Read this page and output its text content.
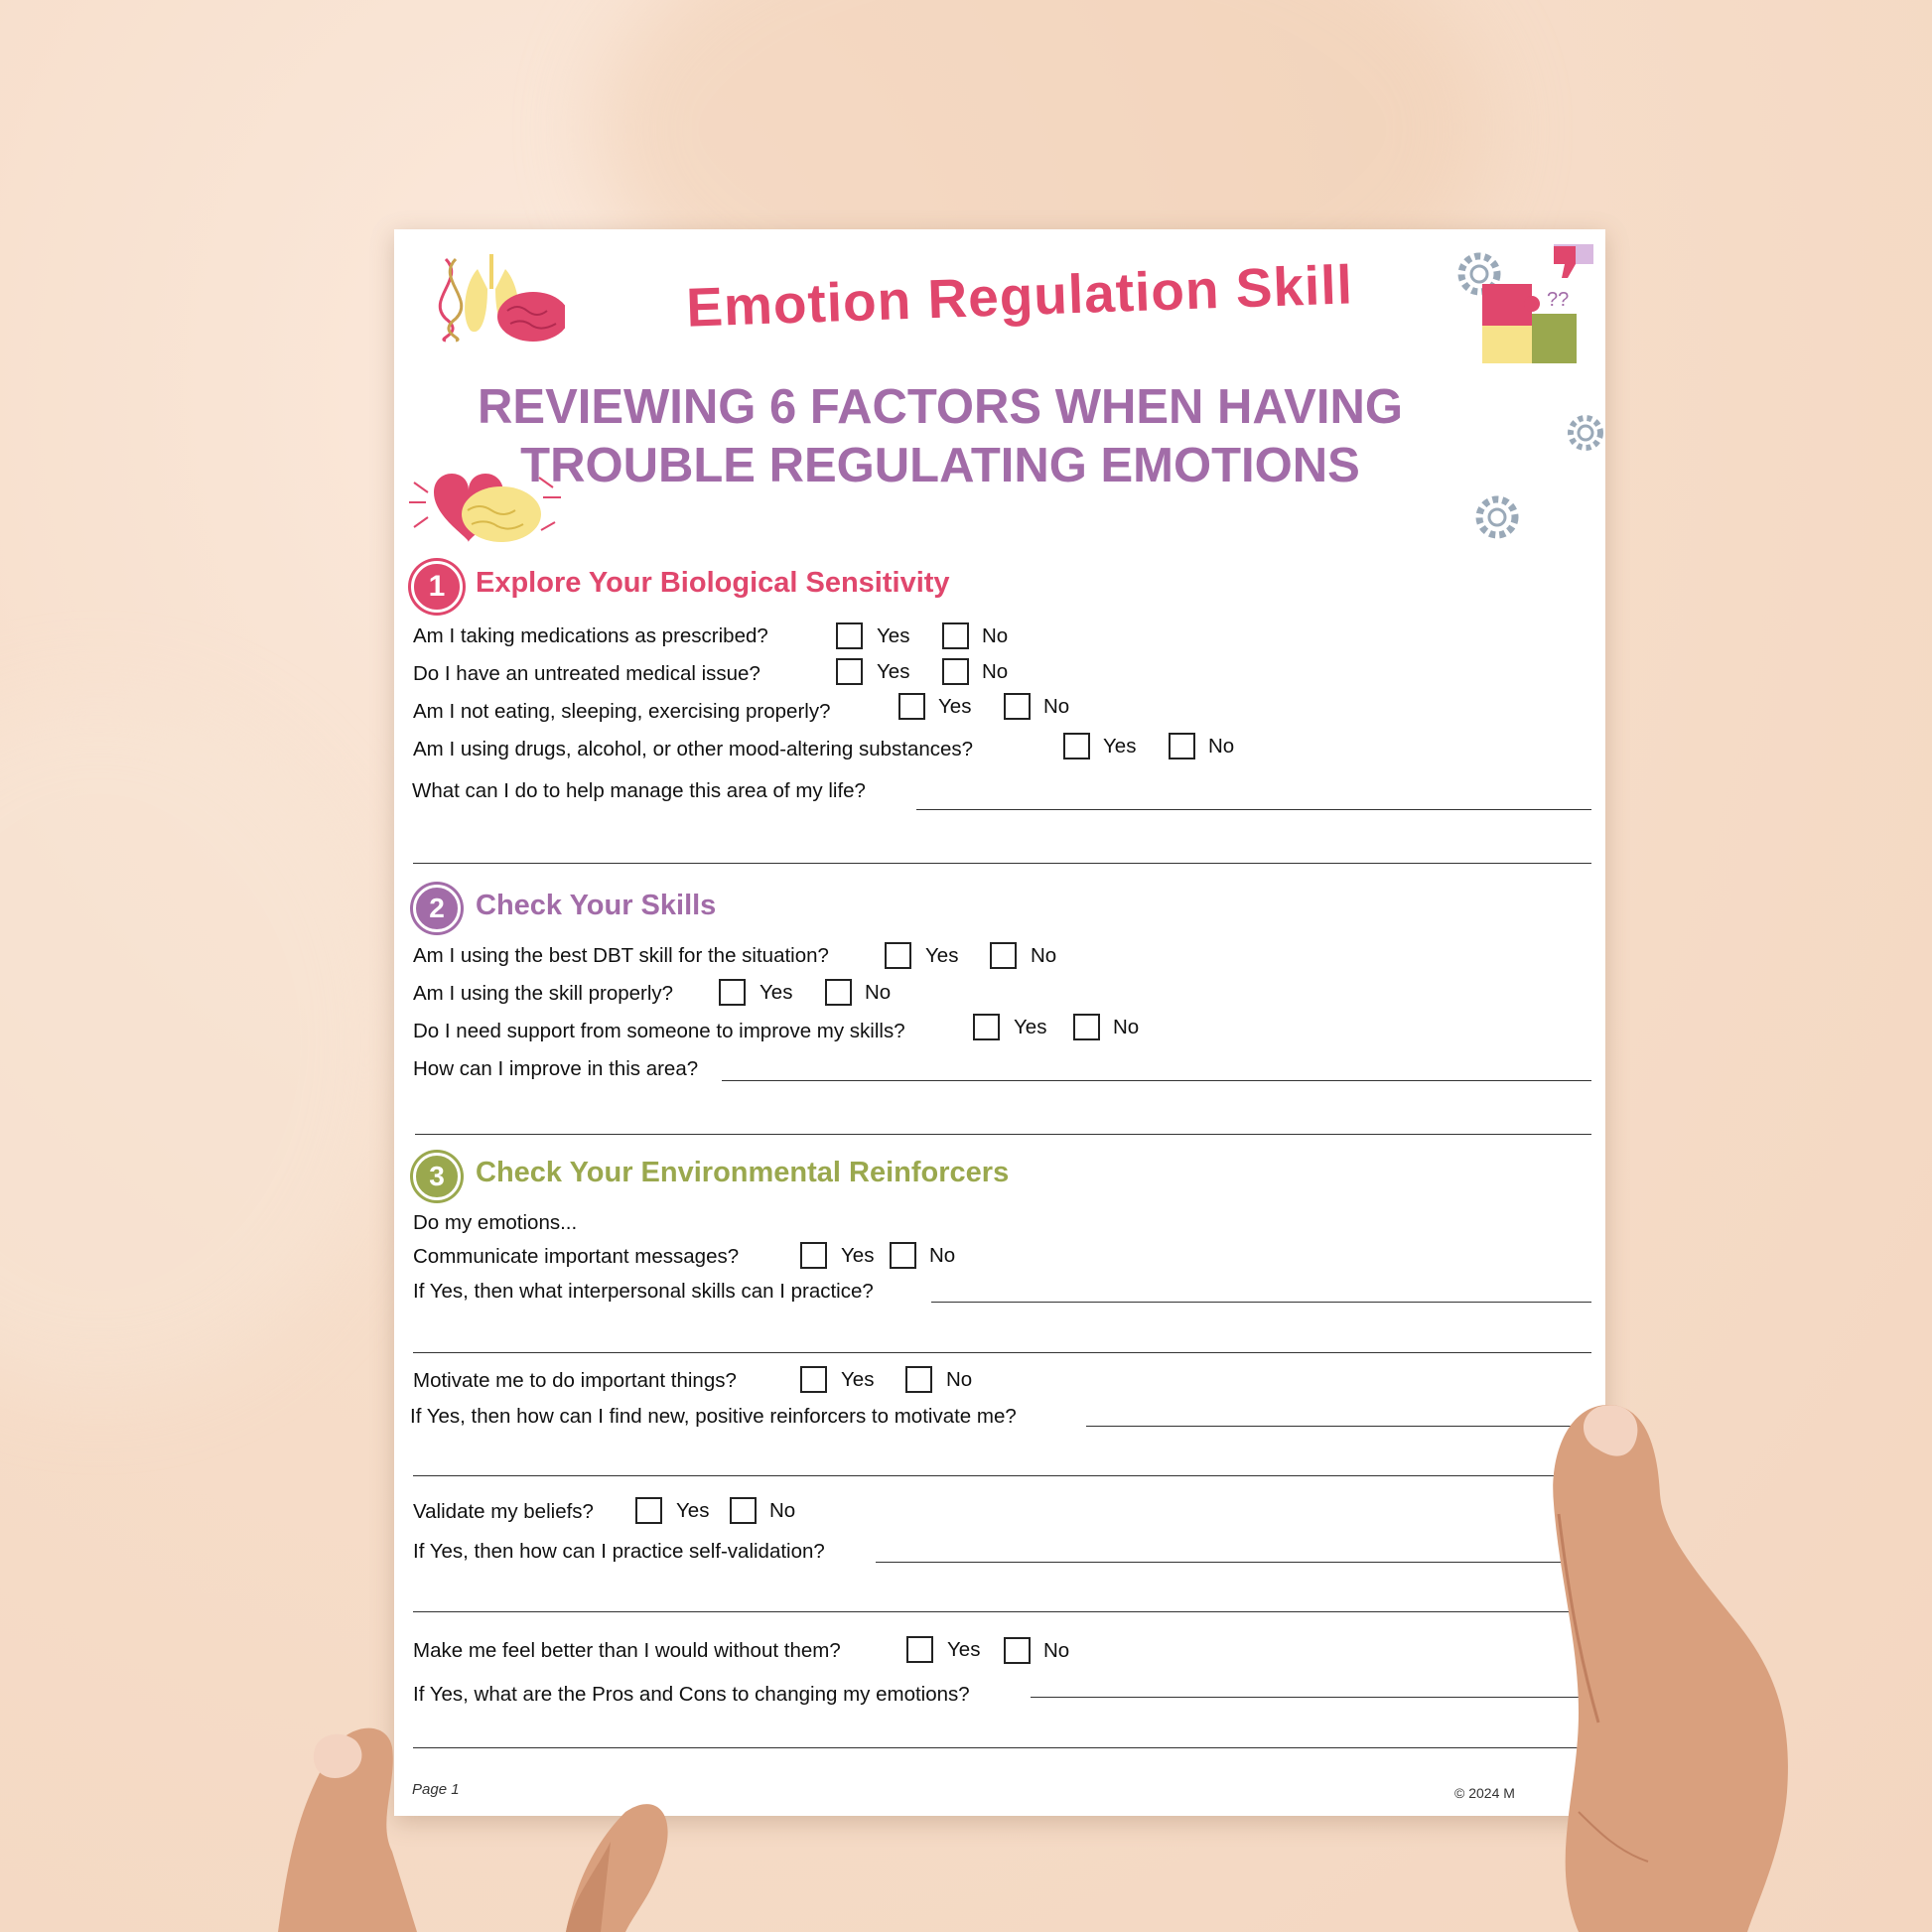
??
Emotion Regulation Skill
REVIEWING 6 FACTORS WHEN HAVING TROUBLE REGULATING EMOTIONS
Explore Your Biological Sensitivity
1
Am I taking medications as prescribed?	Yes	No
Do I have an untreated medical issue?	Yes	No
Am I not eating, sleeping, exercising properly?	Yes	No
Am I using drugs, alcohol, or other mood-altering substances?	Yes	No
What can I do to help manage this area of my life?
2 Check Your Skills
Am I using the best DBT skill for the situation?	Yes	No
Am I using the skill properly?	Yes	No
Do I need support from someone to improve my skills?	Yes	No
How can I improve in this area?
3 Check Your Environmental Reinforcers
Do my emotions...
Communicate important messages?	Yes	No
If Yes, then what interpersonal skills can I practice?
Motivate me to do important things?	Yes	No
If Yes, then how can I find new, positive reinforcers to motivate me?
Validate my beliefs?	Yes	No
If Yes, then how can I practice self-validation?
Make me feel better than I would without them?	Yes	No
If Yes, what are the Pros and Cons to changing my emotions?
Page 1	© 2024 M
